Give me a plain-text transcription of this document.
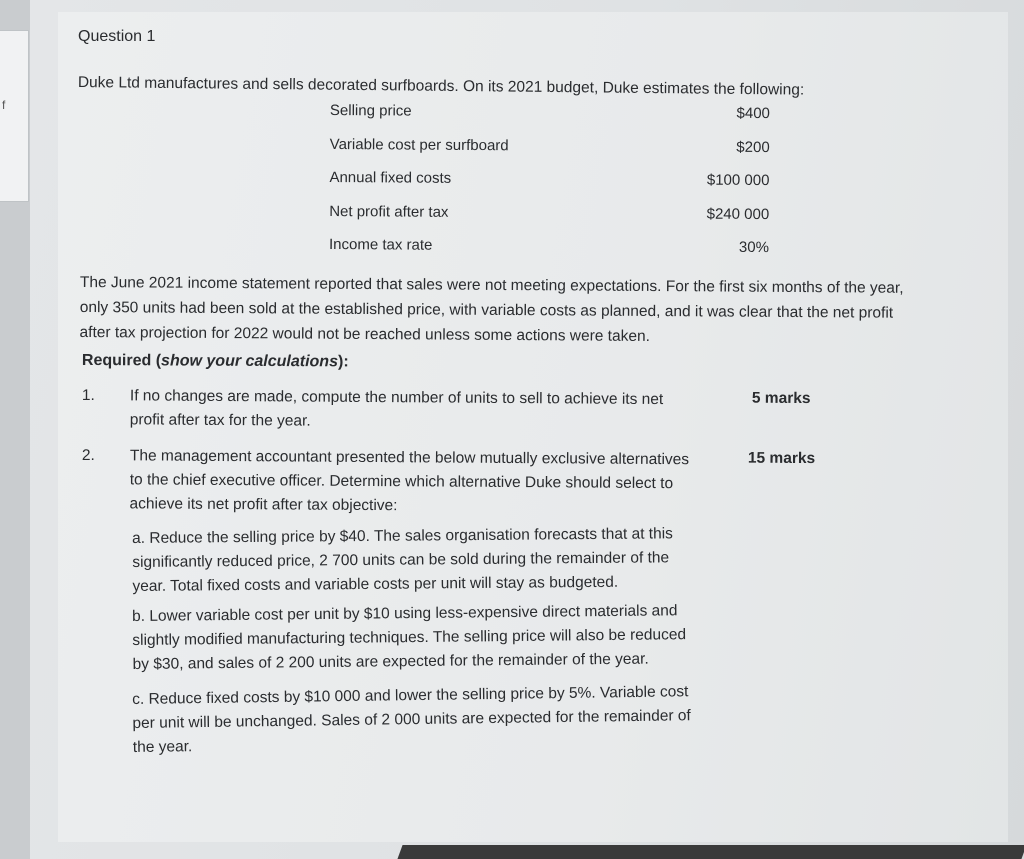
f
Question 1
Duke Ltd manufactures and sells decorated surfboards. On its 2021 budget, Duke estimates the following:
Selling price	$400
Variable cost per surfboard	$200
Annual fixed costs	$100 000
Net profit after tax	$240 000
Income tax rate	30%
The June 2021 income statement reported that sales were not meeting expectations. For the first six months of the year,
only 350 units had been sold at the established price, with variable costs as planned, and it was clear that the net profit
after tax projection for 2022 would not be reached unless some actions were taken.
Required (show your calculations):
1.	If no changes are made, compute the number of units to sell to achieve its net
profit after tax for the year.
5 marks
2.	The management accountant presented the below mutually exclusive alternatives
to the chief executive officer. Determine which alternative Duke should select to
achieve its net profit after tax objective:
15 marks
a. Reduce the selling price by $40. The sales organisation forecasts that at this
significantly reduced price, 2 700 units can be sold during the remainder of the
year. Total fixed costs and variable costs per unit will stay as budgeted.
b. Lower variable cost per unit by $10 using less-expensive direct materials and
slightly modified manufacturing techniques. The selling price will also be reduced
by $30, and sales of 2 200 units are expected for the remainder of the year.
c. Reduce fixed costs by $10 000 and lower the selling price by 5%. Variable cost
per unit will be unchanged. Sales of 2 000 units are expected for the remainder of
the year.
